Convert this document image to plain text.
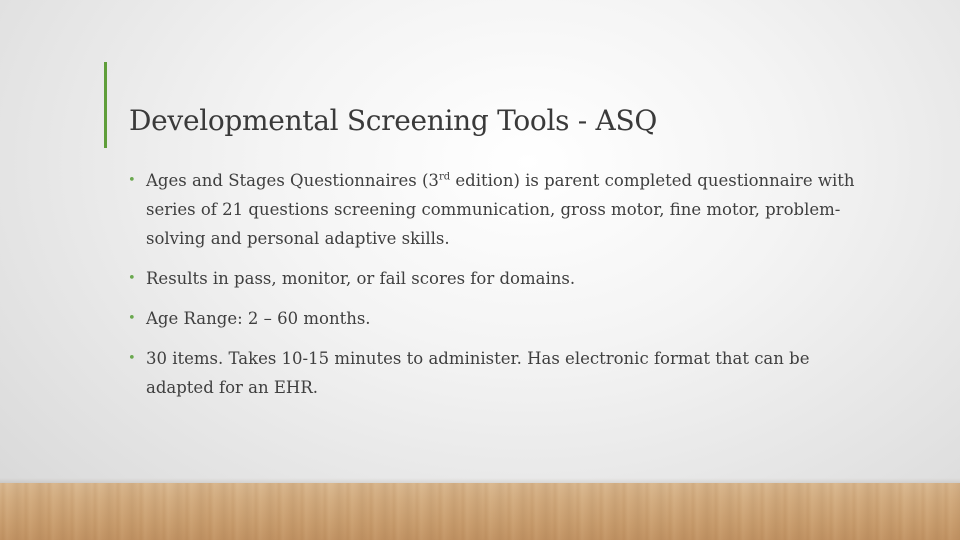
Developmental Screening Tools - ASQ
• Ages and Stages Questionnaires (3rd edition) is parent completed questionnaire with series of 21 questions screening communication, gross motor, fine motor, problem-solving and personal adaptive skills.
• Results in pass, monitor, or fail scores for domains.
• Age Range: 2 – 60 months.
• 30 items. Takes 10-15 minutes to administer. Has electronic format that can be adapted for an EHR.
